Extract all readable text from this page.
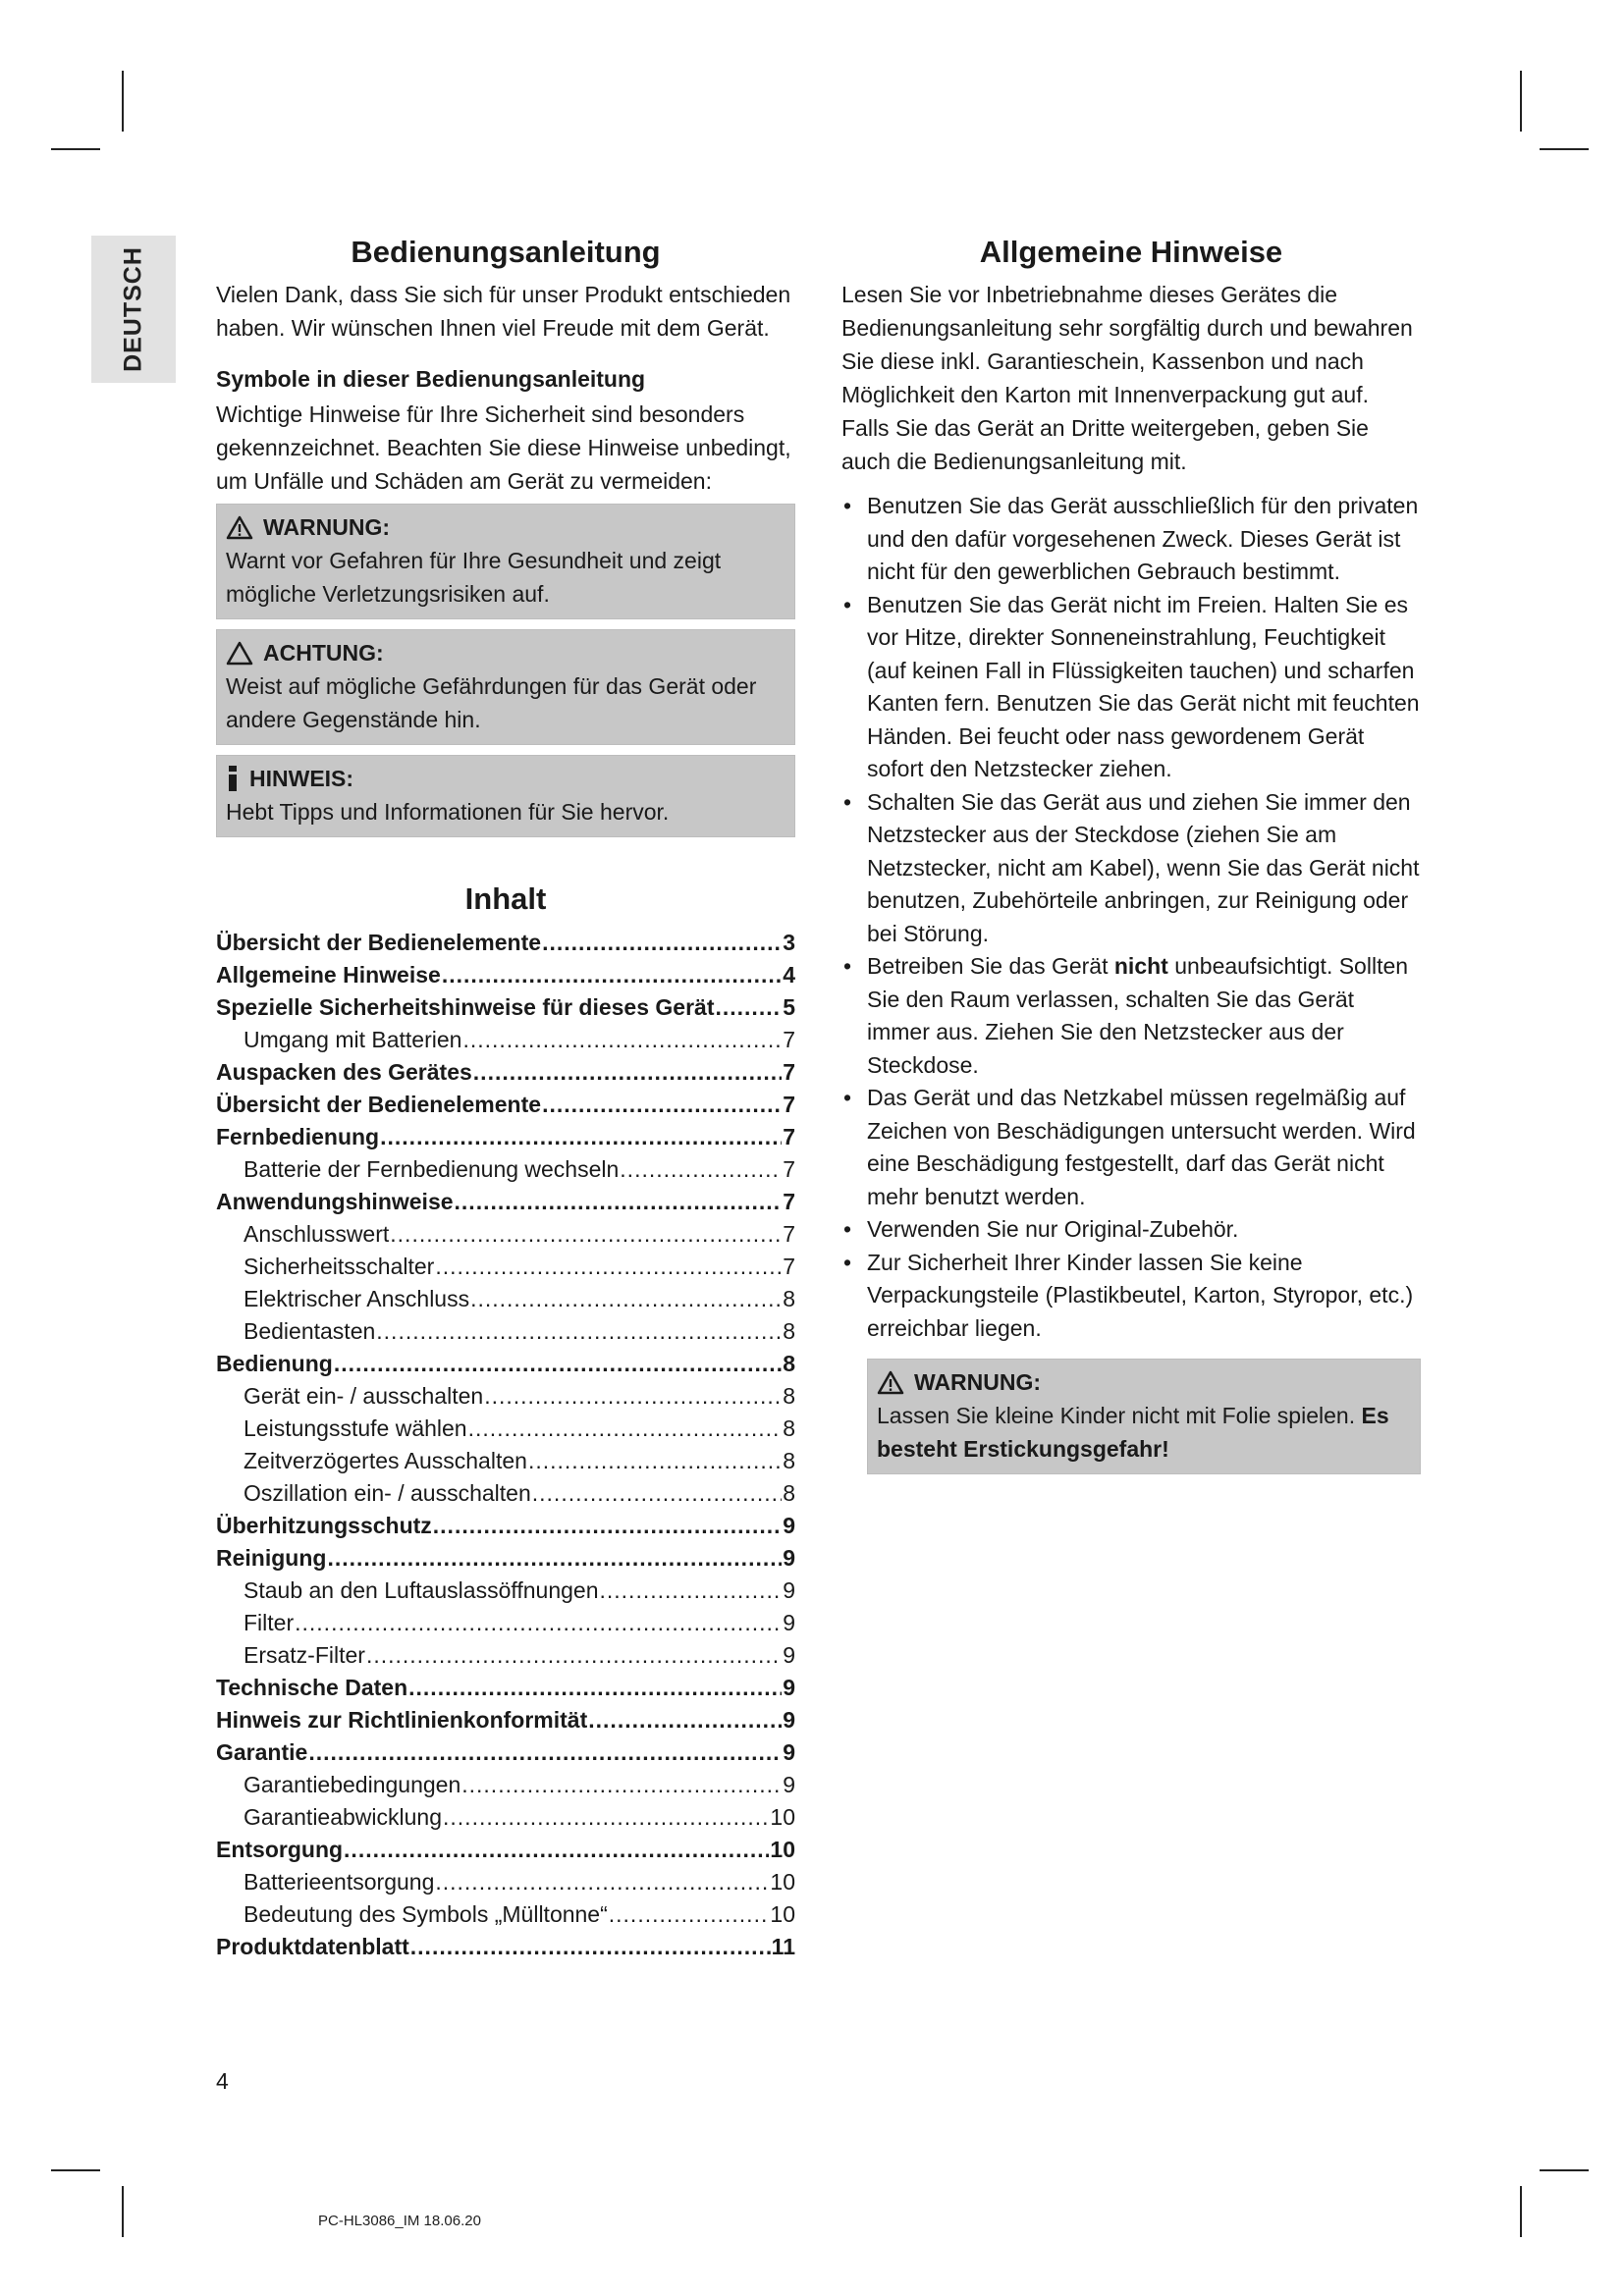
DEUTSCH	Bedienungsanleitung

Vielen Dank, dass Sie sich für unser Produkt entschieden haben. Wir wünschen Ihnen viel Freude mit dem Gerät.

Symbole in dieser Bedienungsanleitung

Wichtige Hinweise für Ihre Sicherheit sind besonders gekennzeichnet. Beachten Sie diese Hinweise unbedingt, um Unfälle und Schäden am Gerät zu vermeiden:

WARNUNG:

Warnt vor Gefahren für Ihre Gesundheit und zeigt mögliche Verletzungsrisiken auf.

ACHTUNG:

Weist auf mögliche Gefährdungen für das Gerät oder andere Gegenstände hin.

HINWEIS:

Hebt Tipps und Informationen für Sie hervor.

Inhalt
Übersicht der Bedienelemente .....	3
Allgemeine Hinweise .....	4
Spezielle Sicherheitshinweise für dieses Gerät .....	5
Umgang mit Batterien .....	7
Auspacken des Gerätes .....	7
Übersicht der Bedienelemente .....	7
Fernbedienung .....	7
Batterie der Fernbedienung wechseln .....	7
Anwendungshinweise .....	7
Anschlusswert .....	7
Sicherheitsschalter .....	7
Elektrischer Anschluss .....	8
Bedientasten .....	8
Bedienung .....	8
Gerät ein- / ausschalten .....	8
Leistungsstufe wählen .....	8
Zeitverzögertes Ausschalten .....	8
Oszillation ein- / ausschalten .....	8
Überhitzungsschutz .....	9
Reinigung .....	9
Staub an den Luftauslassöffnungen .....	9
Filter .....	9
Ersatz-Filter .....	9
Technische Daten .....	9
Hinweis zur Richtlinienkonformität .....	9
Garantie .....	9
Garantiebedingungen .....	9
Garantieabwicklung .....	10
Entsorgung .....	10
Batterieentsorgung .....	10
Bedeutung des Symbols „Mülltonne“ .....	10
Produktdatenblatt .....	11
Allgemeine Hinweise

Lesen Sie vor Inbetriebnahme dieses Gerätes die Bedienungsanleitung sehr sorgfältig durch und bewahren Sie diese inkl. Garantieschein, Kassenbon und nach Möglichkeit den Karton mit Innenverpackung gut auf. Falls Sie das Gerät an Dritte weitergeben, geben Sie auch die Bedienungsanleitung mit.

• Benutzen Sie das Gerät ausschließlich für den privaten und den dafür vorgesehenen Zweck. Dieses Gerät ist nicht für den gewerblichen Gebrauch bestimmt.
• Benutzen Sie das Gerät nicht im Freien. Halten Sie es vor Hitze, direkter Sonneneinstrahlung, Feuchtigkeit (auf keinen Fall in Flüssigkeiten tauchen) und scharfen Kanten fern. Benutzen Sie das Gerät nicht mit feuchten Händen. Bei feucht oder nass gewordenem Gerät sofort den Netzstecker ziehen.
• Schalten Sie das Gerät aus und ziehen Sie immer den Netzstecker aus der Steckdose (ziehen Sie am Netzstecker, nicht am Kabel), wenn Sie das Gerät nicht benutzen, Zubehörteile anbringen, zur Reinigung oder bei Störung.
• Betreiben Sie das Gerät nicht unbeaufsichtigt. Sollten Sie den Raum verlassen, schalten Sie das Gerät immer aus. Ziehen Sie den Netzstecker aus der Steckdose.
• Das Gerät und das Netzkabel müssen regelmäßig auf Zeichen von Beschädigungen untersucht werden. Wird eine Beschädigung festgestellt, darf das Gerät nicht mehr benutzt werden.
• Verwenden Sie nur Original-Zubehör.
• Zur Sicherheit Ihrer Kinder lassen Sie keine Verpackungsteile (Plastikbeutel, Karton, Styropor, etc.) erreichbar liegen.
WARNUNG:

Lassen Sie kleine Kinder nicht mit Folie spielen. Es besteht Erstickungsgefahr!

4
PC-HL3086_IM 18.06.20
